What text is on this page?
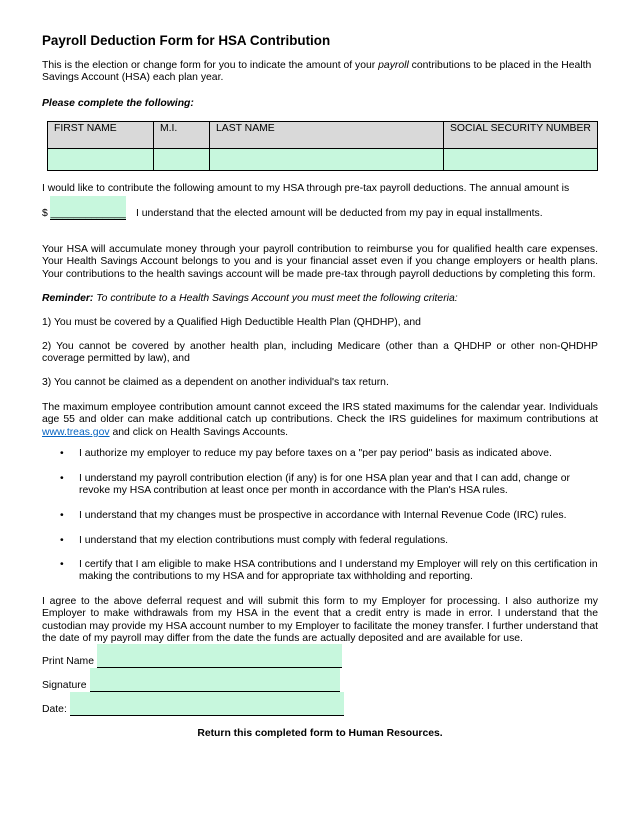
Payroll Deduction Form for HSA Contribution
This is the election or change form for you to indicate the amount of your payroll contributions to be placed in the Health Savings Account (HSA) each plan year.
Please complete the following:
FIRST NAME	M.I.	LAST NAME	SOCIAL SECURITY NUMBER

I would like to contribute the following amount to my HSA through pre-tax payroll deductions. The annual amount is
$ _____________ I understand that the elected amount will be deducted from my pay in equal installments.
Your HSA will accumulate money through your payroll contribution to reimburse you for qualified health care expenses. Your Health Savings Account belongs to you and is your financial asset even if you change employers or health plans. Your contributions to the health savings account will be made pre-tax through payroll deductions by completing this form.
Reminder: To contribute to a Health Savings Account you must meet the following criteria:
1) You must be covered by a Qualified High Deductible Health Plan (QHDHP), and
2) You cannot be covered by another health plan, including Medicare (other than a QHDHP or other non-QHDHP coverage permitted by law), and
3) You cannot be claimed as a dependent on another individual's tax return.
The maximum employee contribution amount cannot exceed the IRS stated maximums for the calendar year. Individuals age 55 and older can make additional catch up contributions. Check the IRS guidelines for maximum contributions at www.treas.gov and click on Health Savings Accounts.
• I authorize my employer to reduce my pay before taxes on a "per pay period" basis as indicated above.
• I understand my payroll contribution election (if any) is for one HSA plan year and that I can add, change or revoke my HSA contribution at least once per month in accordance with the Plan's HSA rules.
• I understand that my changes must be prospective in accordance with Internal Revenue Code (IRC) rules.
• I understand that my election contributions must comply with federal regulations.
• I certify that I am eligible to make HSA contributions and I understand my Employer will rely on this certification in making the contributions to my HSA and for appropriate tax withholding and reporting.
I agree to the above deferral request and will submit this form to my Employer for processing. I also authorize my Employer to make withdrawals from my HSA in the event that a credit entry is made in error. I understand that the custodian may provide my HSA account number to my Employer to facilitate the money transfer. I further understand that the date of my payroll may differ from the date the funds are actually deposited and are available for use.
Print Name
Signature
Date:
Return this completed form to Human Resources.
